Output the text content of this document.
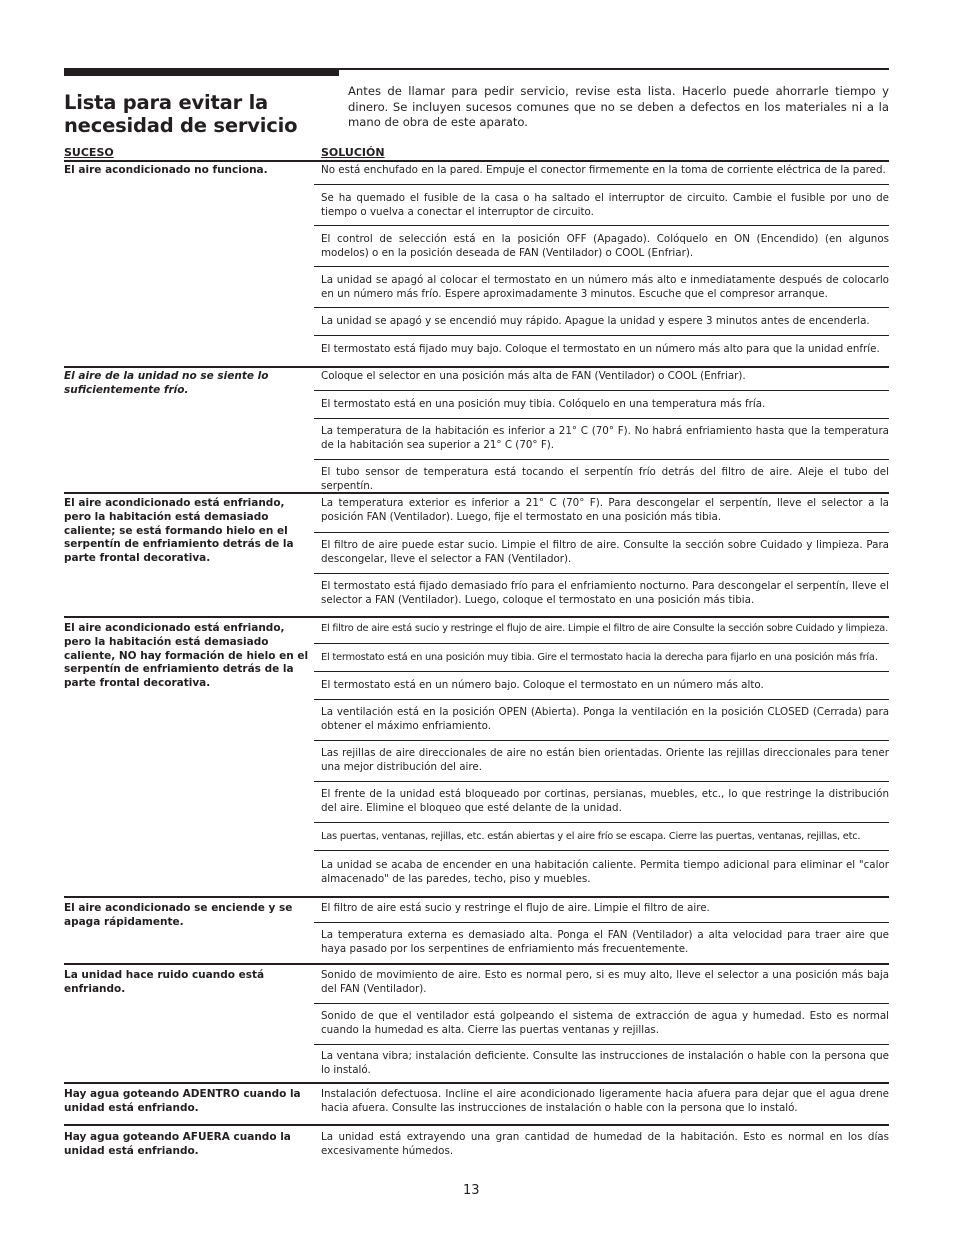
Lista para evitar la necesidad de servicio

Antes de llamar para pedir servicio, revise esta lista. Hacerlo puede ahorrarle tiempo y dinero. Se incluyen sucesos comunes que no se deben a defectos en los materiales ni a la mano de obra de este aparato.

SUCESO	SOLUCIÓN

El aire acondicionado no funciona.	No está enchufado en la pared. Empuje el conector firmemente en la toma de corriente eléctrica de la pared.

Se ha quemado el fusible de la casa o ha saltado el interruptor de circuito. Cambie el fusible por uno de tiempo o vuelva a conectar el interruptor de circuito.

El control de selección está en la posición OFF (Apagado). Colóquelo en ON (Encendido) (en algunos modelos) o en la posición deseada de FAN (Ventilador) o COOL (Enfriar).

La unidad se apagó al colocar el termostato en un número más alto e inmediatamente después de colocarlo en un número más frío. Espere aproximadamente 3 minutos. Escuche que el compresor arranque.

La unidad se apagó y se encendió muy rápido. Apague la unidad y espere 3 minutos antes de encenderla.

El termostato está fijado muy bajo. Coloque el termostato en un número más alto para que la unidad enfríe.

El aire de la unidad no se siente lo suficientemente frío.

Coloque el selector en una posición más alta de FAN (Ventilador) o COOL (Enfriar).

El termostato está en una posición muy tibia. Colóquelo en una temperatura más fría.

La temperatura de la habitación es inferior a 21° C (70° F). No habrá enfriamiento hasta que la temperatura de la habitación sea superior a 21° C (70° F).

El tubo sensor de temperatura está tocando el serpentín frío detrás del filtro de aire. Aleje el tubo del serpentín.

El aire acondicionado está enfriando, pero la habitación está demasiado caliente; se está formando hielo en el serpentín de enfriamiento detrás de la parte frontal decorativa.

La temperatura exterior es inferior a 21° C (70° F). Para descongelar el serpentín, lleve el selector a la posición FAN (Ventilador). Luego, fije el termostato en una posición más tibia.

El filtro de aire puede estar sucio. Limpie el filtro de aire. Consulte la sección sobre Cuidado y limpieza. Para descongelar, lleve el selector a FAN (Ventilador).

El termostato está fijado demasiado frío para el enfriamiento nocturno. Para descongelar el serpentín, lleve el selector a FAN (Ventilador). Luego, coloque el termostato en una posición más tibia.

El aire acondicionado está enfriando, pero la habitación está demasiado caliente, NO hay formación de hielo en el serpentín de enfriamiento detrás de la parte frontal decorativa.

El filtro de aire está sucio y restringe el flujo de aire. Limpie el filtro de aire Consulte la sección sobre Cuidado y limpieza.

El termostato está en una posición muy tibia. Gire el termostato hacia la derecha para fijarlo en una posición más fría.

El termostato está en un número bajo. Coloque el termostato en un número más alto.

La ventilación está en la posición OPEN (Abierta). Ponga la ventilación en la posición CLOSED (Cerrada) para obtener el máximo enfriamiento.

Las rejillas de aire direccionales de aire no están bien orientadas. Oriente las rejillas direccionales para tener una mejor distribución del aire.

El frente de la unidad está bloqueado por cortinas, persianas, muebles, etc., lo que restringe la distribución del aire. Elimine el bloqueo que esté delante de la unidad.

Las puertas, ventanas, rejillas, etc. están abiertas y el aire frío se escapa. Cierre las puertas, ventanas, rejillas, etc.

La unidad se acaba de encender en una habitación caliente. Permita tiempo adicional para eliminar el "calor almacenado" de las paredes, techo, piso y muebles.

El aire acondicionado se enciende y se apaga rápidamente.

El filtro de aire está sucio y restringe el flujo de aire. Limpie el filtro de aire.

La temperatura externa es demasiado alta. Ponga el FAN (Ventilador) a alta velocidad para traer aire que haya pasado por los serpentines de enfriamiento más frecuentemente.

La unidad hace ruido cuando está enfriando.

Sonido de movimiento de aire. Esto es normal pero, si es muy alto, lleve el selector a una posición más baja del FAN (Ventilador).

Sonido de que el ventilador está golpeando el sistema de extracción de agua y humedad. Esto es normal cuando la humedad es alta. Cierre las puertas ventanas y rejillas.

La ventana vibra; instalación deficiente. Consulte las instrucciones de instalación o hable con la persona que lo instaló.

Hay agua goteando ADENTRO cuando la unidad está enfriando.

Instalación defectuosa. Incline el aire acondicionado ligeramente hacia afuera para dejar que el agua drene hacia afuera. Consulte las instrucciones de instalación o hable con la persona que lo instaló.

Hay agua goteando AFUERA cuando la unidad está enfriando.

La unidad está extrayendo una gran cantidad de humedad de la habitación. Esto es normal en los días excesivamente húmedos.

13
